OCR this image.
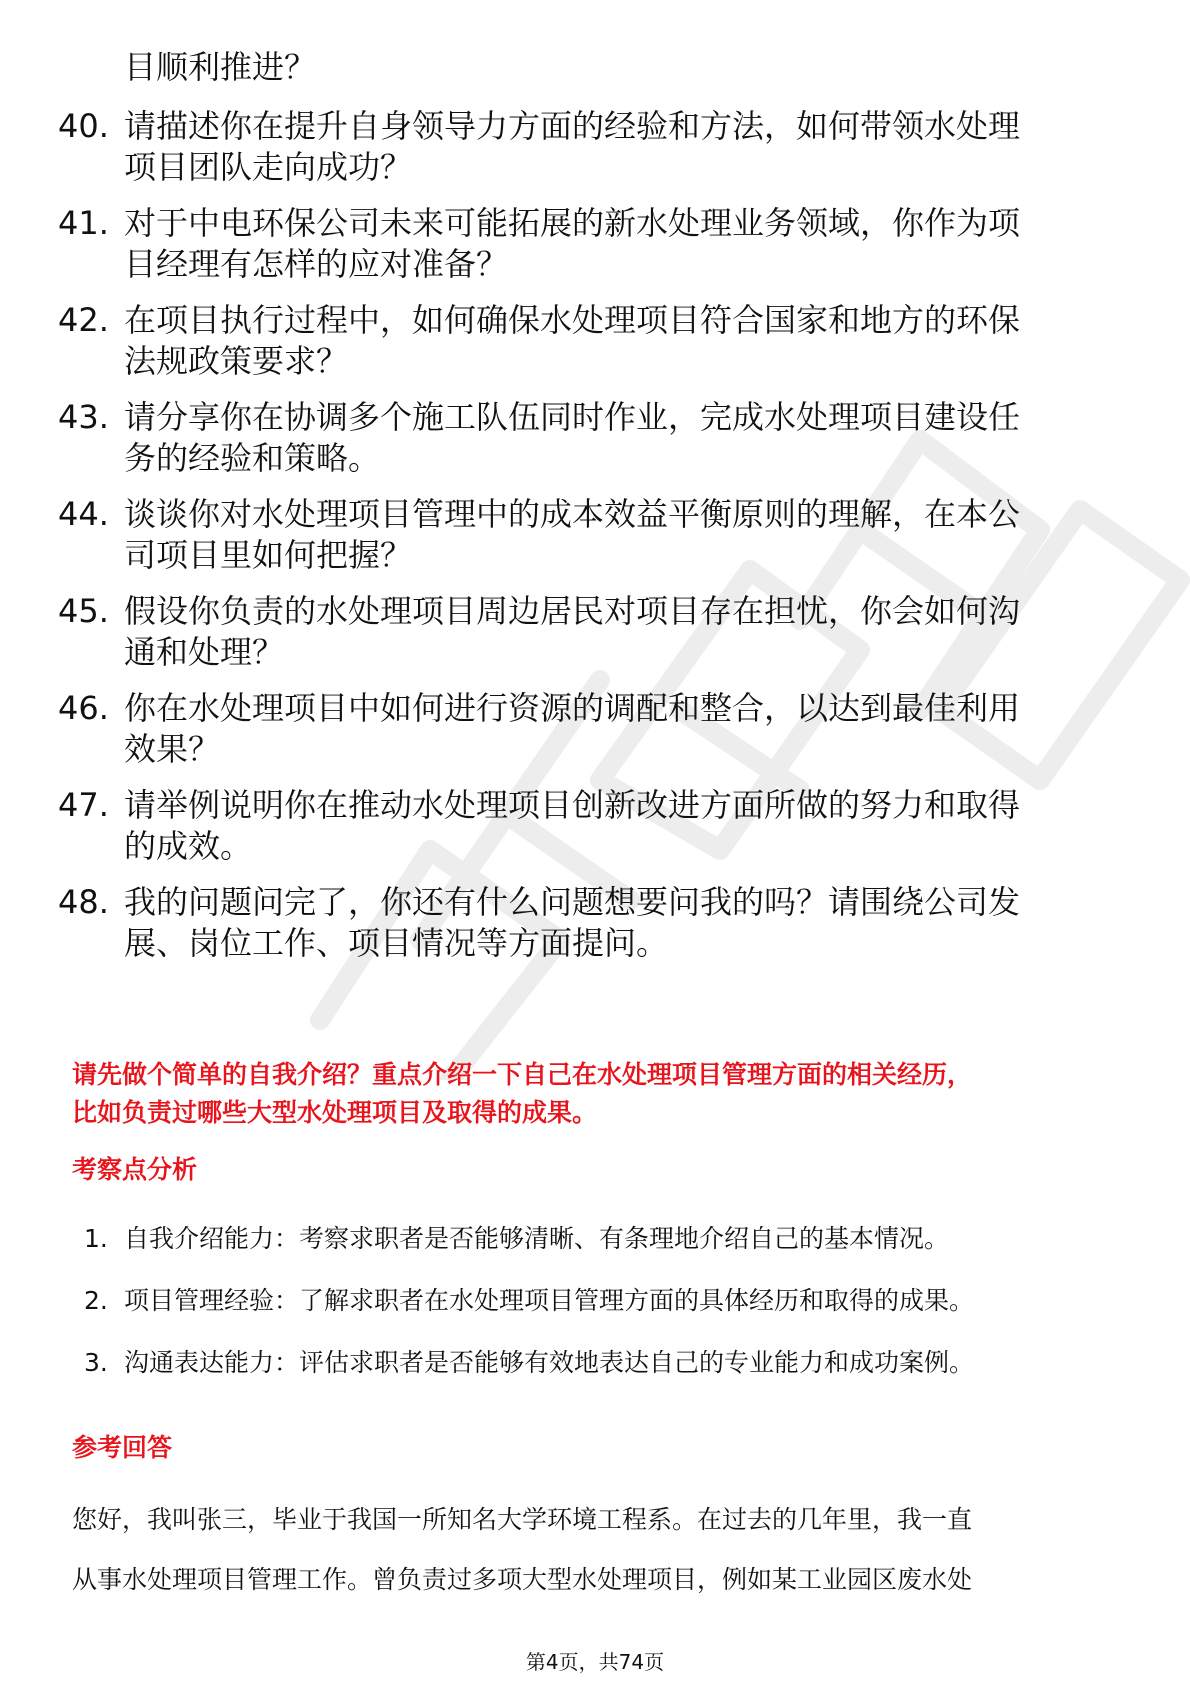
目顺利推进？
40. 请描述你在提升自身领导力方面的经验和方法，如何带领水处理
项目团队走向成功？
41. 对于中电环保公司未来可能拓展的新水处理业务领域，你作为项
目经理有怎样的应对准备？
42. 在项目执行过程中，如何确保水处理项目符合国家和地方的环保
法规政策要求？
43. 请分享你在协调多个施工队伍同时作业，完成水处理项目建设任
务的经验和策略。
44. 谈谈你对水处理项目管理中的成本效益平衡原则的理解，在本公
司项目里如何把握？
45. 假设你负责的水处理项目周边居民对项目存在担忧，你会如何沟
通和处理？
46. 你在水处理项目中如何进行资源的调配和整合，以达到最佳利用
效果？
47. 请举例说明你在推动水处理项目创新改进方面所做的努力和取得
的成效。
48. 我的问题问完了，你还有什么问题想要问我的吗？请围绕公司发
展、岗位工作、项目情况等方面提问。
请先做个简单的自我介绍？重点介绍一下自己在水处理项目管理方面的相关经历，
比如负责过哪些大型水处理项目及取得的成果。
考察点分析
1. 自我介绍能力：考察求职者是否能够清晰、有条理地介绍自己的基本情况。
2. 项目管理经验：了解求职者在水处理项目管理方面的具体经历和取得的成果。
3. 沟通表达能力：评估求职者是否能够有效地表达自己的专业能力和成功案例。
参考回答
您好，我叫张三，毕业于我国一所知名大学环境工程系。在过去的几年里，我一直
从事水处理项目管理工作。曾负责过多项大型水处理项目，例如某工业园区废水处
第4页，共74页
